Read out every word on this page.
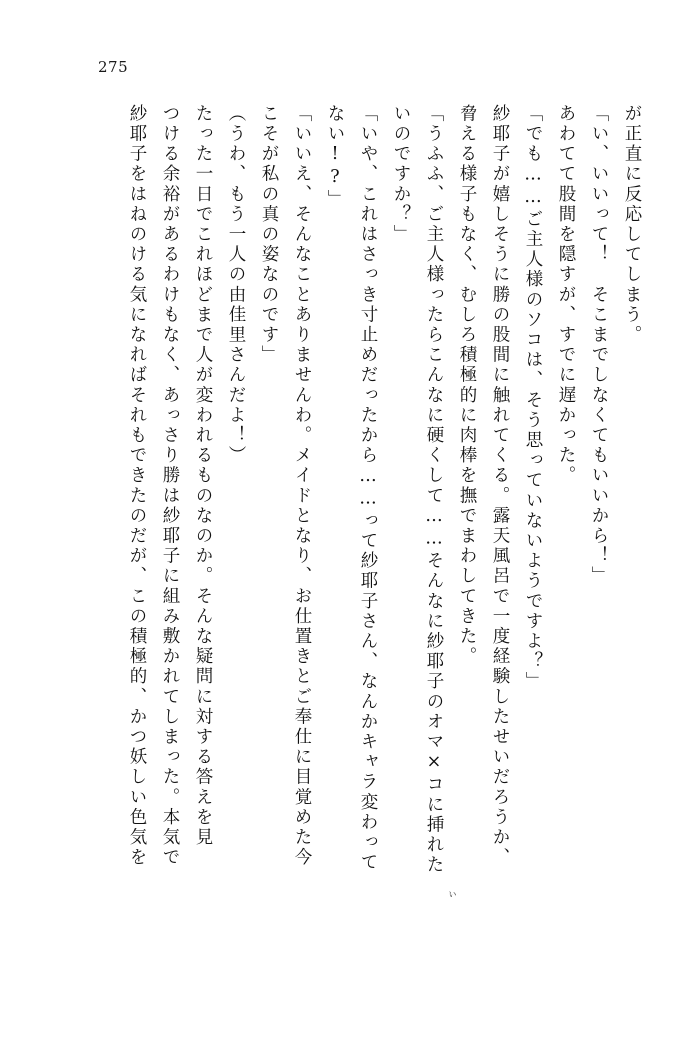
275
が正直に反応してしまう。
「い、いいって！　そこまでしなくてもいいから！」
あわてて股間を隠すが、すでに遅かった。
「でも……ご主人様のソコは、そう思っていないようですよ？」
紗耶子が嬉しそうに勝の股間に触れてくる。露天風呂で一度経験したせいだろうか、
脅える様子もなく、むしろ積極的に肉棒を撫でまわしてきた。
「うふふ、ご主人様ったらこんなに硬くして……そんなに紗耶子のオマ×コに挿れた
いのですか？」
「いや、これはさっき寸止めだったから……って紗耶子さん、なんかキャラ変わって
ない!?」
「いいえ、そんなことありませんわ。メイドとなり、お仕置きとご奉仕に目覚めた今
こそが私の真の姿なのです」
（うわ、もう一人の由佳里さんだよ！）
たった一日でこれほどまで人が変われるものなのか。そんな疑問に対する答えを見
つける余裕があるわけもなく、あっさり勝は紗耶子に組み敷かれてしまった。本気で
紗耶子をはねのける気になればそれもできたのだが、この積極的、かつ妖しい色気を
い
